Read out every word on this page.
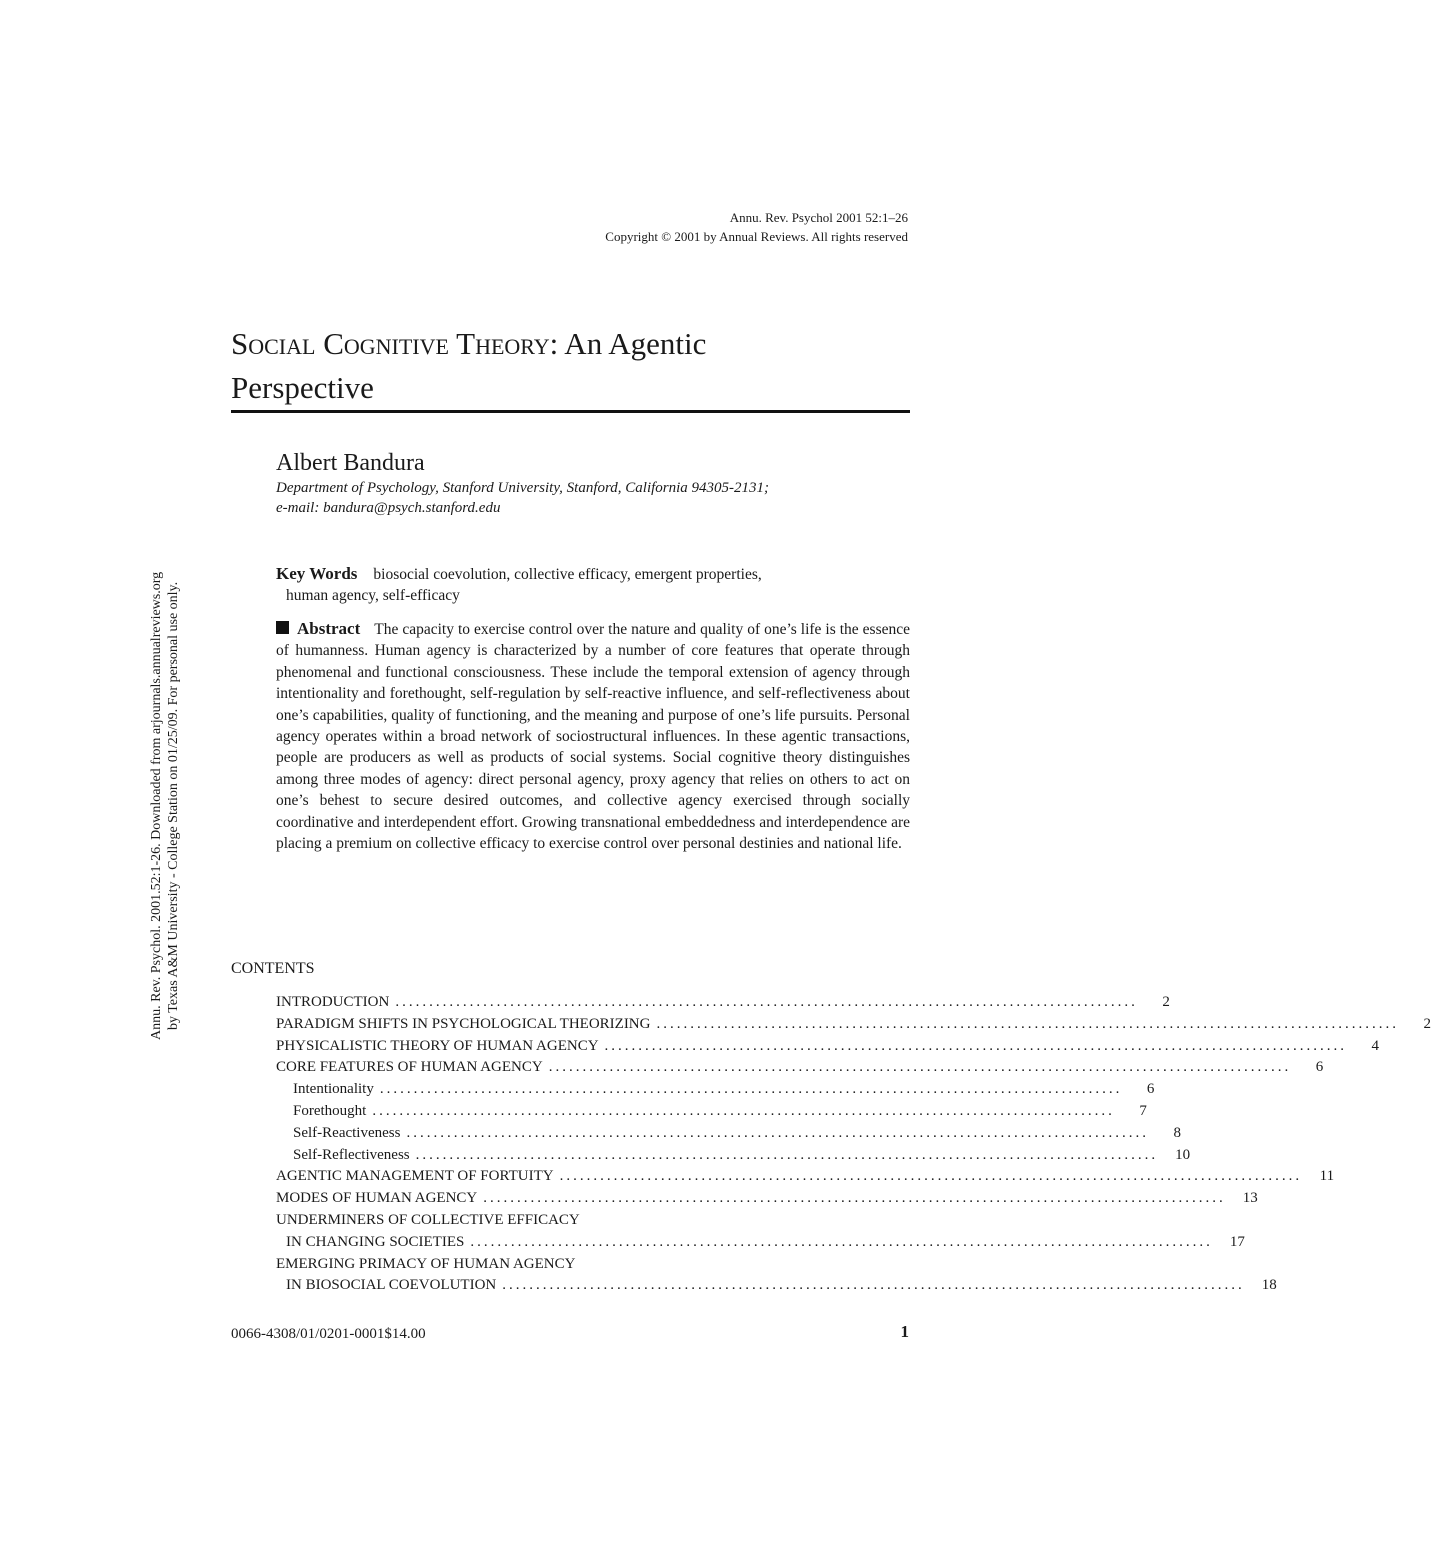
Annu. Rev. Psychol 2001 52:1–26
Copyright © 2001 by Annual Reviews. All rights reserved
Annu. Rev. Psychol. 2001.52:1-26. Downloaded from arjournals.annualreviews.org by Texas A&M University - College Station on 01/25/09. For personal use only.
Social Cognitive Theory: An Agentic
Perspective
Albert Bandura
Department of Psychology, Stanford University, Stanford, California 94305-2131;
e-mail: bandura@psych.stanford.edu
Key Words biosocial coevolution, collective efficacy, emergent properties,
human agency, self-efficacy
Abstract The capacity to exercise control over the nature and quality of one’s life is the essence of humanness. Human agency is characterized by a number of core features that operate through phenomenal and functional consciousness. These include the temporal extension of agency through intentionality and forethought, self-regulation by self-reactive influence, and self-reflectiveness about one’s capabilities, quality of functioning, and the meaning and purpose of one’s life pursuits. Personal agency operates within a broad network of sociostructural influences. In these agentic transactions, people are producers as well as products of social systems. Social cognitive theory distinguishes among three modes of agency: direct personal agency, proxy agency that relies on others to act on one’s behest to secure desired outcomes, and collective agency exercised through socially coordinative and interdependent effort. Growing transnational embeddedness and interdependence are placing a premium on collective efficacy to exercise control over personal destinies and national life.
CONTENTS
INTRODUCTION ..............................................................................................................	2
PARADIGM SHIFTS IN PSYCHOLOGICAL THEORIZING ..............................................................................................................	2
PHYSICALISTIC THEORY OF HUMAN AGENCY ..............................................................................................................	4
CORE FEATURES OF HUMAN AGENCY ..............................................................................................................	6
Intentionality ..............................................................................................................	6
Forethought ..............................................................................................................	7
Self-Reactiveness ..............................................................................................................	8
Self-Reflectiveness ..............................................................................................................	10
AGENTIC MANAGEMENT OF FORTUITY ..............................................................................................................	11
MODES OF HUMAN AGENCY ..............................................................................................................	13
UNDERMINERS OF COLLECTIVE EFFICACY
IN CHANGING SOCIETIES ..............................................................................................................	17
EMERGING PRIMACY OF HUMAN AGENCY
IN BIOSOCIAL COEVOLUTION ..............................................................................................................	18
0066-4308/01/0201-0001$14.00	1
